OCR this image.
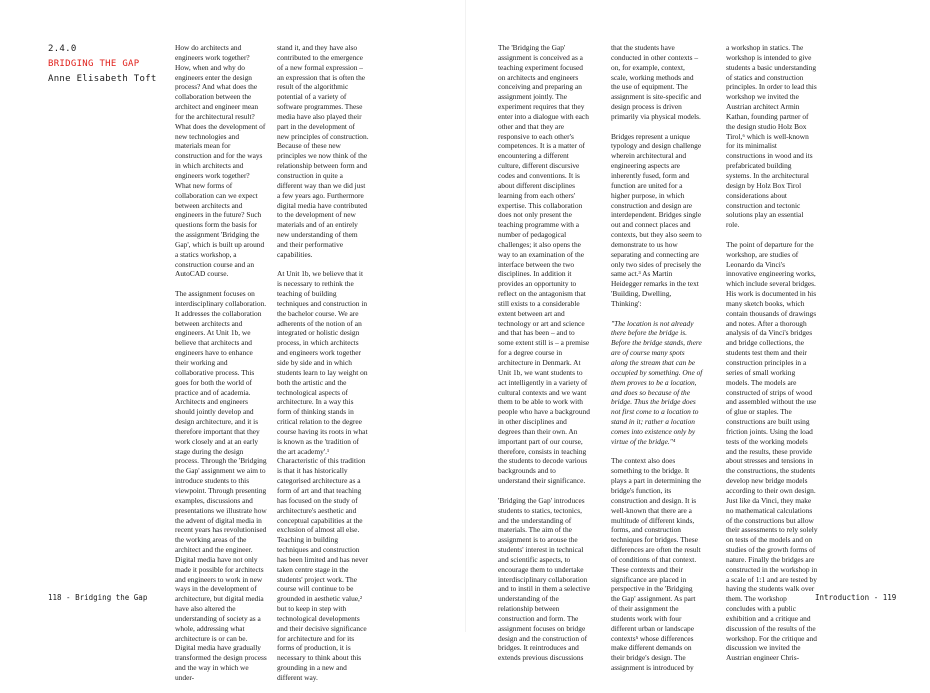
2.4.0
BRIDGING THE GAP
Anne Elisabeth Toft

How do architects and engineers work together? How, when and why do engineers enter the design process? And what does the collaboration between the architect and engineer mean for the architectural result? What does the development of new technologies and materials mean for construction and for the ways in which architects and engineers work together? What new forms of collaboration can we expect between architects and engineers in the future? Such questions form the basis for the assignment 'Bridging the Gap', which is built up around a statics workshop, a construction course and an AutoCAD course.

The assignment focuses on interdisciplinary collaboration. It addresses the collaboration between architects and engineers. At Unit 1b, we believe that architects and engineers have to enhance their working and collaborative process. This goes for both the world of practice and of academia. Architects and engineers should jointly develop and design architecture, and it is therefore important that they work closely and at an early stage during the design process. Through the 'Bridging the Gap' assignment we aim to introduce students to this viewpoint. Through presenting examples, discussions and presentations we illustrate how the advent of digital media in recent years has revolutionised the working areas of the architect and the engineer. Digital media have not only made it possible for architects and engineers to work in new ways in the development of architecture, but digital media have also altered the understanding of society as a whole, addressing what architecture is or can be. Digital media have gradually transformed the design process and the way in which we under-

stand it, and they have also contributed to the emergence of a new formal expression – an expression that is often the result of the algorithmic potential of a variety of software programmes. These media have also played their part in the development of new principles of construction. Because of these new principles we now think of the relationship between form and construction in quite a different way than we did just a few years ago. Furthermore digital media have contributed to the development of new materials and of an entirely new understanding of them and their performative capabilities.

At Unit 1b, we believe that it is necessary to rethink the teaching of building techniques and construction in the bachelor course. We are adherents of the notion of an integrated or holistic design process, in which architects and engineers work together side by side and in which students learn to lay weight on both the artistic and the technological aspects of architecture. In a way this form of thinking stands in critical relation to the degree course having its roots in what is known as the 'tradition of the art academy'.¹ Characteristic of this tradition is that it has historically categorised architecture as a form of art and that teaching has focused on the study of architecture's aesthetic and conceptual capabilities at the exclusion of almost all else. Teaching in building techniques and construction has been limited and has never taken centre stage in the students' project work. The course will continue to be grounded in aesthetic value,² but to keep in step with technological developments and their decisive significance for architecture and for its forms of production, it is necessary to think about this grounding in a new and different way.

The 'Bridging the Gap' assignment is conceived as a teaching experiment focused on architects and engineers conceiving and preparing an assignment jointly. The experiment requires that they enter into a dialogue with each other and that they are responsive to each other's competences. It is a matter of encountering a different culture, different discursive codes and conventions. It is about different disciplines learning from each others' expertise. This collaboration does not only present the teaching programme with a number of pedagogical challenges; it also opens the way to an examination of the interface between the two disciplines. In addition it provides an opportunity to reflect on the antagonism that still exists to a considerable extent between art and technology or art and science and that has been – and to some extent still is – a premise for a degree course in architecture in Denmark. At Unit 1b, we want students to act intelligently in a variety of cultural contexts and we want them to be able to work with people who have a background in other disciplines and degrees than their own. An important part of our course, therefore, consists in teaching the students to decode various backgrounds and to understand their significance.

'Bridging the Gap' introduces students to statics, tectonics, and the understanding of materials. The aim of the assignment is to arouse the students' interest in technical and scientific aspects, to encourage them to undertake interdisciplinary collaboration and to instil in them a selective understanding of the relationship between construction and form. The assignment focuses on bridge design and the construction of bridges. It reintroduces and extends previous discussions

that the students have conducted in other contexts – on, for example, context, scale, working methods and the use of equipment. The assignment is site-specific and design process is driven primarily via physical models.

Bridges represent a unique typology and design challenge wherein architectural and engineering aspects are inherently fused, form and function are united for a higher purpose, in which construction and design are interdependent. Bridges single out and connect places and contexts, but they also seem to demonstrate to us how separating and connecting are only two sides of precisely the same act.³ As Martin Heidegger remarks in the text 'Building, Dwelling, Thinking':

"The location is not already there before the bridge is. Before the bridge stands, there are of course many spots along the stream that can be occupied by something. One of them proves to be a location, and does so because of the bridge. Thus the bridge does not first come to a location to stand in it; rather a location comes into existence only by virtue of the bridge."⁴

The context also does something to the bridge. It plays a part in determining the bridge's function, its construction and design. It is well-known that there are a multitude of different kinds, forms, and construction techniques for bridges. These differences are often the result of conditions of that context. These contexts and their significance are placed in perspective in the 'Bridging the Gap' assignment. As part of their assignment the students work with four different urban or landscape contexts⁵ whose differences make different demands on their bridge's design. The assignment is introduced by

a workshop in statics. The workshop is intended to give students a basic understanding of statics and construction principles. In order to lead this workshop we invited the Austrian architect Armin Kathan, founding partner of the design studio Holz Box Tirol,⁶ which is well-known for its minimalist constructions in wood and its prefabricated building systems. In the architectural design by Holz Box Tirol considerations about construction and tectonic solutions play an essential role.

The point of departure for the workshop, are studies of Leonardo da Vinci's innovative engineering works, which include several bridges. His work is documented in his many sketch books, which contain thousands of drawings and notes. After a thorough analysis of da Vinci's bridges and bridge collections, the students test them and their construction principles in a series of small working models. The models are constructed of strips of wood and assembled without the use of glue or staples. The constructions are built using friction joints. Using the load tests of the working models and the results, these provide about stresses and tensions in the constructions, the students develop new bridge models according to their own design. Just like da Vinci, they make no mathematical calculations of the constructions but allow their assessments to rely solely on tests of the models and on studies of the growth forms of nature. Finally the bridges are constructed in the workshop in a scale of 1:1 and are tested by having the students walk over them. The workshop concludes with a public exhibition and a critique and discussion of the results of the workshop. For the critique and discussion we invited the Austrian engineer Chris-

118 - Bridging the Gap	Introduction - 119
